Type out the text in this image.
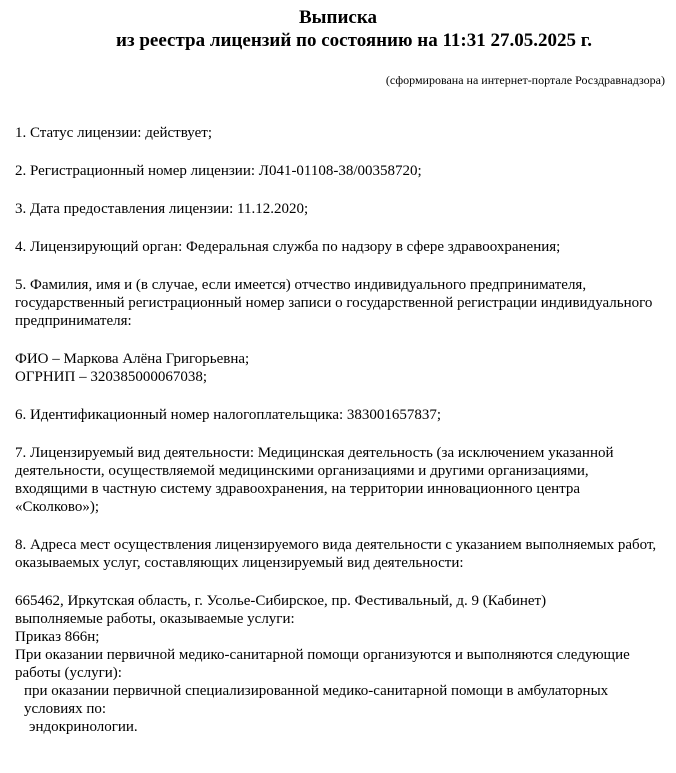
Выписка
из реестра лицензий по состоянию на 11:31 27.05.2025 г.
(сформирована на интернет-портале Росздравнадзора)

1. Статус лицензии: действует;

2. Регистрационный номер лицензии: Л041-01108-38/00358720;

3. Дата предоставления лицензии: 11.12.2020;

4. Лицензирующий орган: Федеральная служба по надзору в сфере здравоохранения;

5. Фамилия, имя и (в случае, если имеется) отчество индивидуального предпринимателя, государственный регистрационный номер записи о государственной регистрации индивидуального предпринимателя:

ФИО – Маркова Алёна Григорьевна;

ОГРНИП – 320385000067038;

6. Идентификационный номер налогоплательщика: 383001657837;

7. Лицензируемый вид деятельности: Медицинская деятельность (за исключением указанной деятельности, осуществляемой медицинскими организациями и другими организациями, входящими в частную систему здравоохранения, на территории инновационного центра «Сколково»);

8. Адреса мест осуществления лицензируемого вида деятельности с указанием выполняемых работ, оказываемых услуг, составляющих лицензируемый вид деятельности:

665462, Иркутская область, г. Усолье-Сибирское, пр. Фестивальный, д. 9 (Кабинет)

выполняемые работы, оказываемые услуги:

Приказ 866н;

При оказании первичной медико-санитарной помощи организуются и выполняются следующие работы (услуги):

при оказании первичной специализированной медико-санитарной помощи в амбулаторных условиях по:

эндокринологии.
